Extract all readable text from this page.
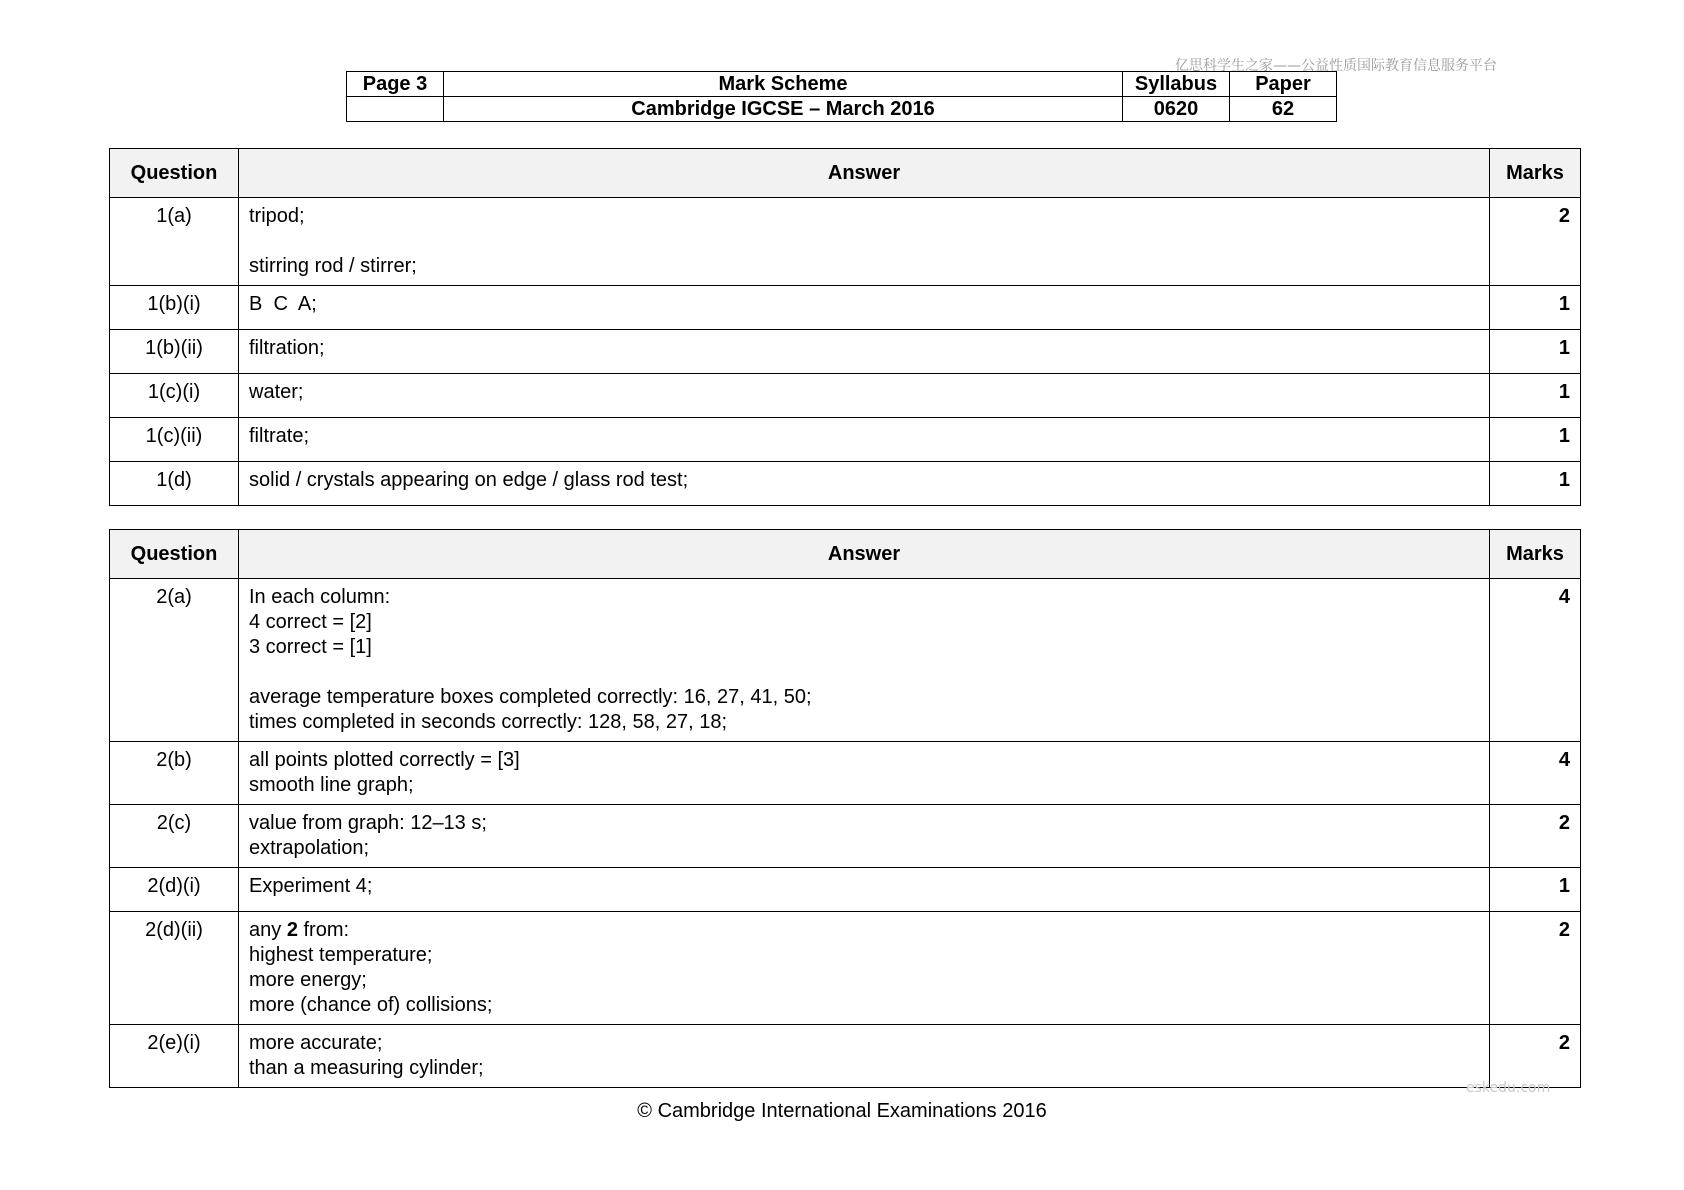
亿思科学生之家——公益性质国际教育信息服务平台
Page 3	Mark Scheme	Syllabus	Paper
	Cambridge IGCSE – March 2016	0620	62
Question	Answer	Marks
1(a)	tripod;
stirring rod / stirrer;	2
1(b)(i)	B  C  A;	1
1(b)(ii)	filtration;	1
1(c)(i)	water;	1
1(c)(ii)	filtrate;	1
1(d)	solid / crystals appearing on edge / glass rod test;	1
Question	Answer	Marks
2(a)	In each column:
4 correct = [2]
3 correct = [1]
average temperature boxes completed correctly: 16, 27, 41, 50;
times completed in seconds correctly: 128, 58, 27, 18;	4
2(b)	all points plotted correctly = [3]
smooth line graph;	4
2(c)	value from graph: 12–13 s;
extrapolation;	2
2(d)(i)	Experiment 4;	1
2(d)(ii)	any 2 from:
highest temperature;
more energy;
more (chance of) collisions;	2
2(e)(i)	more accurate;
than a measuring cylinder;	2
eskedu.com
© Cambridge International Examinations 2016
